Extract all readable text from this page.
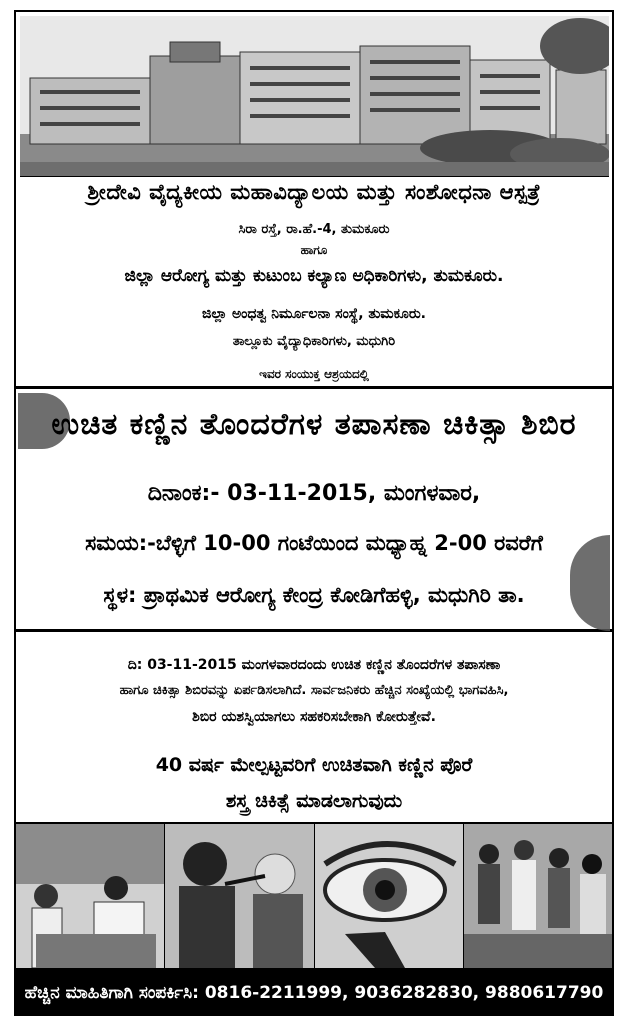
ಶ್ರೀದೇವಿ ವೈದ್ಯಕೀಯ ಮಹಾವಿದ್ಯಾಲಯ ಮತ್ತು ಸಂಶೋಧನಾ ಆಸ್ಪತ್ರೆ
ಸಿರಾ ರಸ್ತೆ, ರಾ.ಹೆ.-4, ತುಮಕೂರು
ಹಾಗೂ
ಜಿಲ್ಲಾ ಆರೋಗ್ಯ ಮತ್ತು ಕುಟುಂಬ ಕಲ್ಯಾಣ ಅಧಿಕಾರಿಗಳು, ತುಮಕೂರು.
ಜಿಲ್ಲಾ ಅಂಧತ್ವ ನಿರ್ಮೂಲನಾ ಸಂಸ್ಥೆ, ತುಮಕೂರು.
ತಾಲ್ಲೂಕು ವೈದ್ಯಾಧಿಕಾರಿಗಳು, ಮಧುಗಿರಿ
ಇವರ ಸಂಯುಕ್ತ ಆಶ್ರಯದಲ್ಲಿ
ಉಚಿತ ಕಣ್ಣಿನ ತೊಂದರೆಗಳ ತಪಾಸಣಾ ಚಿಕಿತ್ಸಾ ಶಿಬಿರ
ದಿನಾಂಕ:- 03-11-2015, ಮಂಗಳವಾರ,
ಸಮಯ:-ಬೆಳ್ಳಿಗೆ 10-00 ಗಂಟೆಯಿಂದ ಮಧ್ಯಾಹ್ನ 2-00 ರವರೆಗೆ
ಸ್ಥಳ: ಪ್ರಾಥಮಿಕ ಆರೋಗ್ಯ ಕೇಂದ್ರ ಕೋಡಿಗೆಹಳ್ಳಿ, ಮಧುಗಿರಿ ತಾ.
ದಿ: 03-11-2015 ಮಂಗಳವಾರದಂದು ಉಚಿತ ಕಣ್ಣಿನ ತೊಂದರೆಗಳ ತಪಾಸಣಾ
ಹಾಗೂ ಚಿಕಿತ್ಸಾ ಶಿಬಿರವನ್ನು ಏರ್ಪಡಿಸಲಾಗಿದೆ. ಸಾರ್ವಜನಿಕರು ಹೆಚ್ಚಿನ ಸಂಖ್ಯೆಯಲ್ಲಿ ಭಾಗವಹಿಸಿ,
ಶಿಬಿರ ಯಶಸ್ವಿಯಾಗಲು ಸಹಕರಿಸಬೇಕಾಗಿ ಕೋರುತ್ತೇವೆ.
40 ವರ್ಷ ಮೇಲ್ಪಟ್ಟವರಿಗೆ ಉಚಿತವಾಗಿ ಕಣ್ಣಿನ ಪೊರೆ
ಶಸ್ತ್ರ ಚಿಕಿತ್ಸೆ ಮಾಡಲಾಗುವುದು
ಹೆಚ್ಚಿನ ಮಾಹಿತಿಗಾಗಿ ಸಂಪರ್ಕಿಸಿ: 0816-2211999, 9036282830, 9880617790
